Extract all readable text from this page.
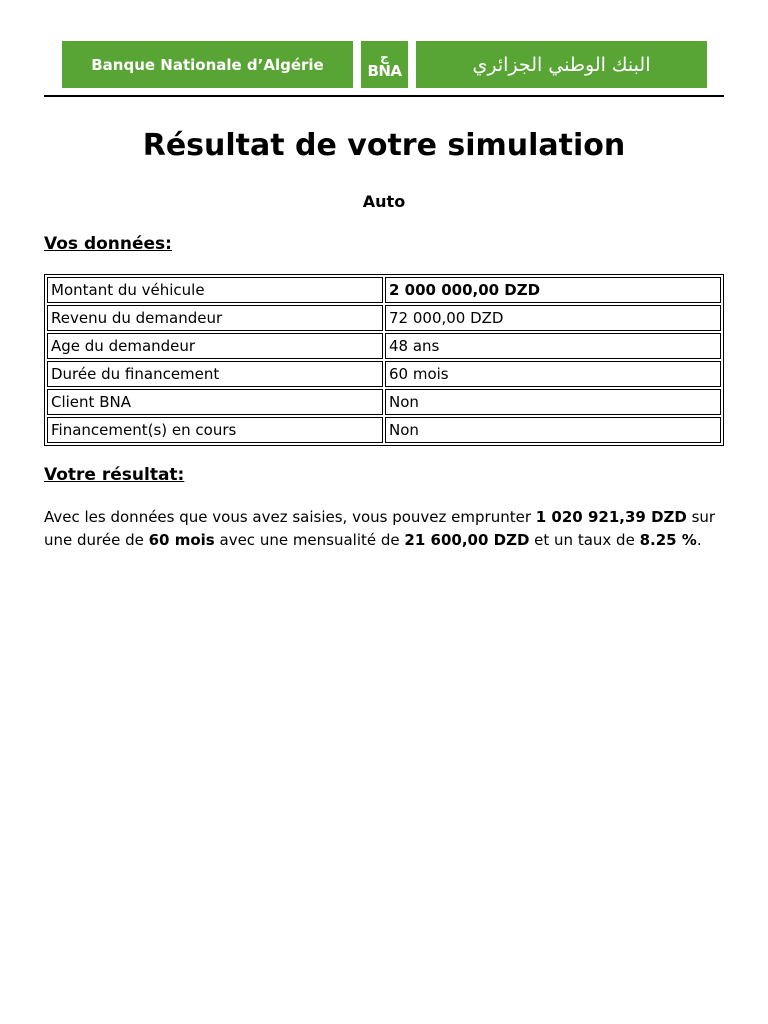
Banque Nationale d’Algérie	ج
BNA	البنك الوطني الجزائري
Résultat de votre simulation
Auto
Vos données:
Montant du véhicule	2 000 000,00 DZD
Revenu du demandeur	72 000,00 DZD
Age du demandeur	48 ans
Durée du financement	60 mois
Client BNA	Non
Financement(s) en cours	Non
Votre résultat:

Avec les données que vous avez saisies, vous pouvez emprunter 1 020 921,39 DZD sur une durée de 60 mois avec une mensualité de 21 600,00 DZD et un taux de 8.25 %.
